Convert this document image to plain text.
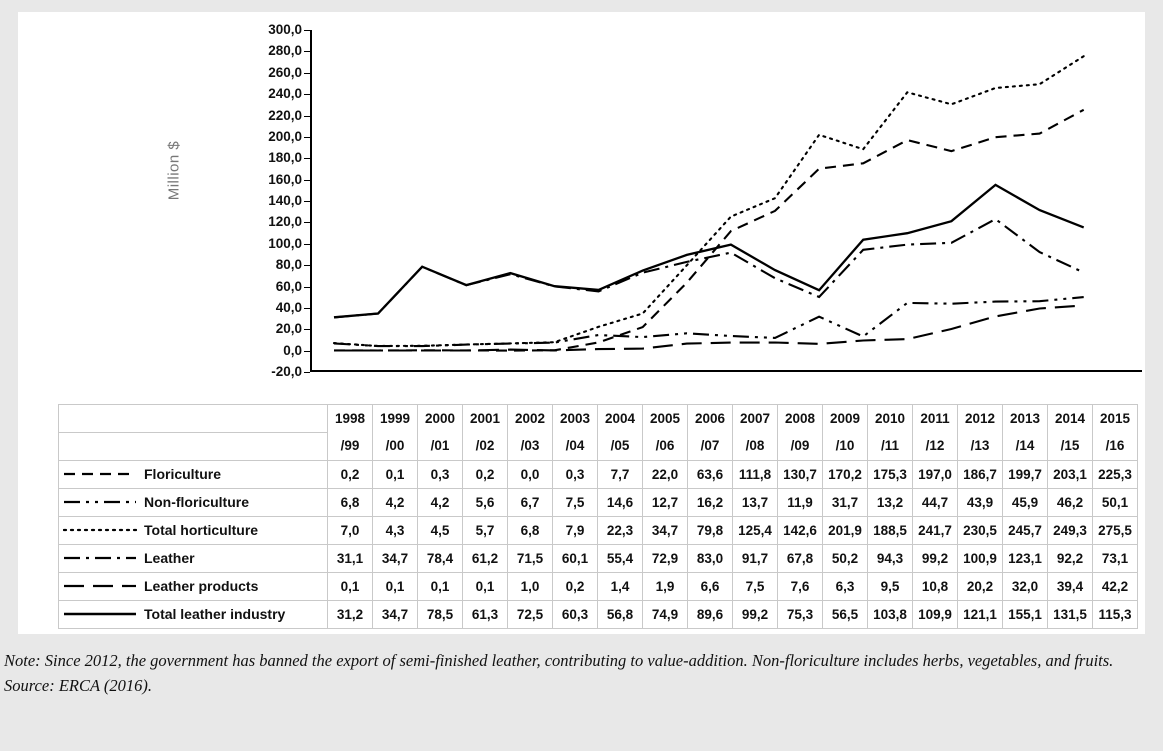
Million $
300,0
280,0
260,0
240,0
220,0
200,0
180,0
160,0
140,0
120,0
100,0
80,0
60,0
40,0
20,0
0,0
-20,0
	1998	1999	2000	2001	2002	2003	2004	2005	2006	2007	2008	2009	2010	2011	2012	2013	2014	2015
	/99	/00	/01	/02	/03	/04	/05	/06	/07	/08	/09	/10	/11	/12	/13	/14	/15	/16

Floriculture	0,2	0,1	0,3	0,2	0,0	0,3	7,7	22,0	63,6	111,8	130,7	170,2	175,3	197,0	186,7	199,7	203,1	225,3

Non-floriculture	6,8	4,2	4,2	5,6	6,7	7,5	14,6	12,7	16,2	13,7	11,9	31,7	13,2	44,7	43,9	45,9	46,2	50,1

Total horticulture	7,0	4,3	4,5	5,7	6,8	7,9	22,3	34,7	79,8	125,4	142,6	201,9	188,5	241,7	230,5	245,7	249,3	275,5

Leather	31,1	34,7	78,4	61,2	71,5	60,1	55,4	72,9	83,0	91,7	67,8	50,2	94,3	99,2	100,9	123,1	92,2	73,1

Leather products	0,1	0,1	0,1	0,1	1,0	0,2	1,4	1,9	6,6	7,5	7,6	6,3	9,5	10,8	20,2	32,0	39,4	42,2

Total leather industry	31,2	34,7	78,5	61,3	72,5	60,3	56,8	74,9	89,6	99,2	75,3	56,5	103,8	109,9	121,1	155,1	131,5	115,3
Note: Since 2012, the government has banned the export of semi-finished leather, contributing to value-addition. Non-floriculture includes herbs, vegetables, and fruits.
Source: ERCA (2016).
